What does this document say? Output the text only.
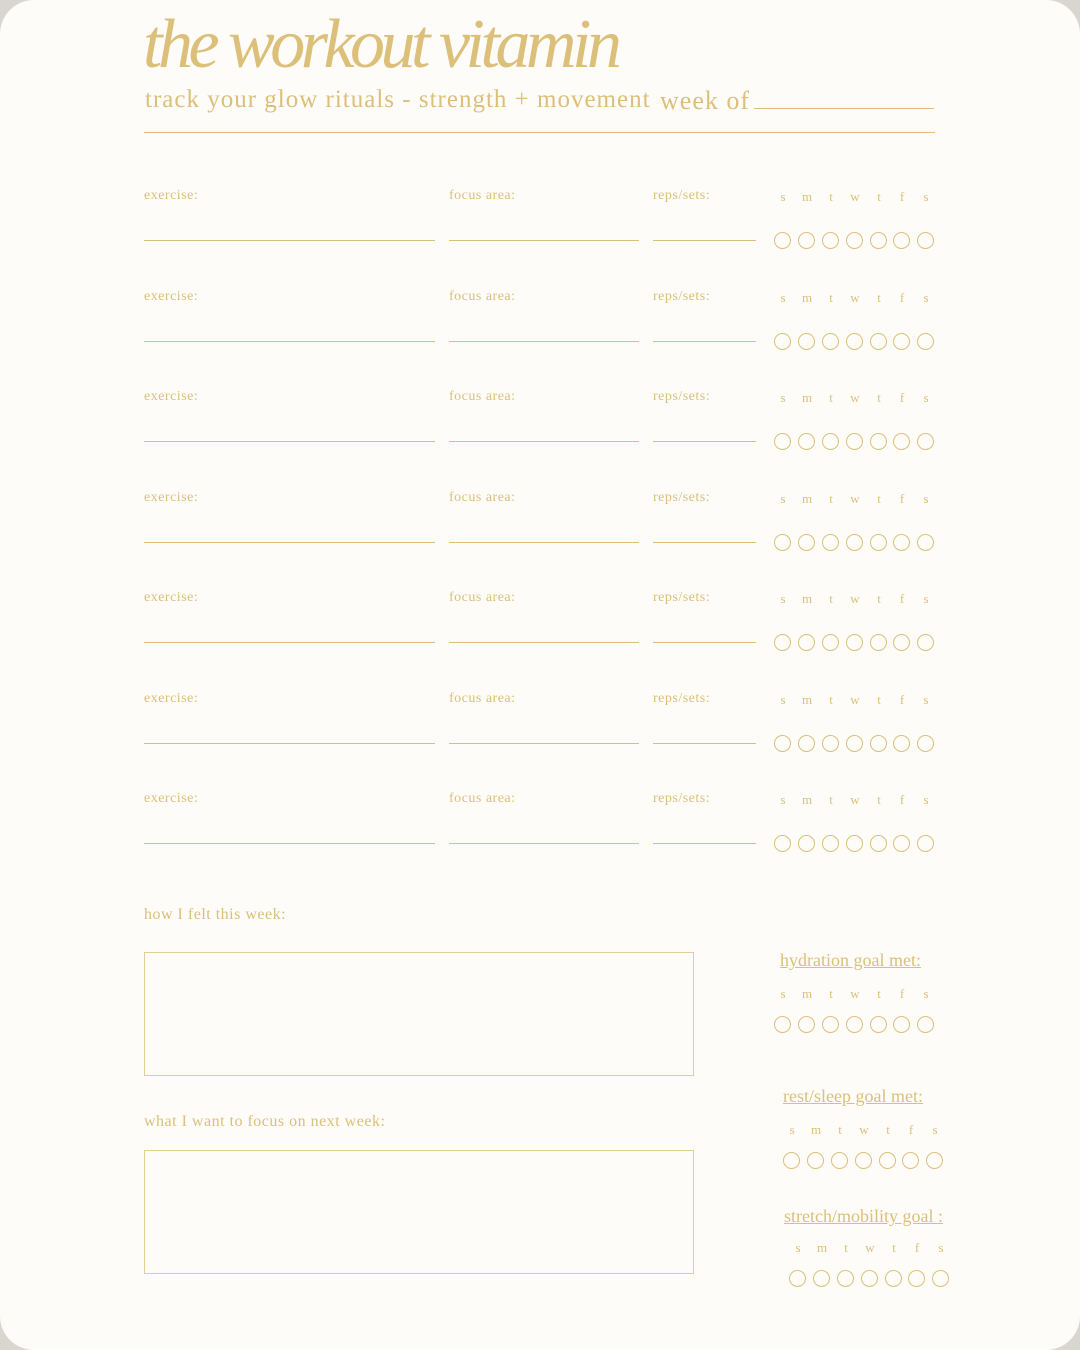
the workout vitamin
track your glow rituals - strength + movement week of
exercise:	focus area:	reps/sets:	s	m	t	w	t	f	s
exercise:	focus area:	reps/sets:	s	m	t	w	t	f	s
exercise:	focus area:	reps/sets:	s	m	t	w	t	f	s
exercise:	focus area:	reps/sets:	s	m	t	w	t	f	s
exercise:	focus area:	reps/sets:	s	m	t	w	t	f	s
exercise:	focus area:	reps/sets:	s	m	t	w	t	f	s
exercise:	focus area:	reps/sets:	s	m	t	w	t	f	s
how I felt this week:
what I want to focus on next week:
hydration goal met:
s	m	t	w	t	f	s
rest/sleep goal met:
s	m	t	w	t	f	s
stretch/mobility goal :
s	m	t	w	t	f	s
